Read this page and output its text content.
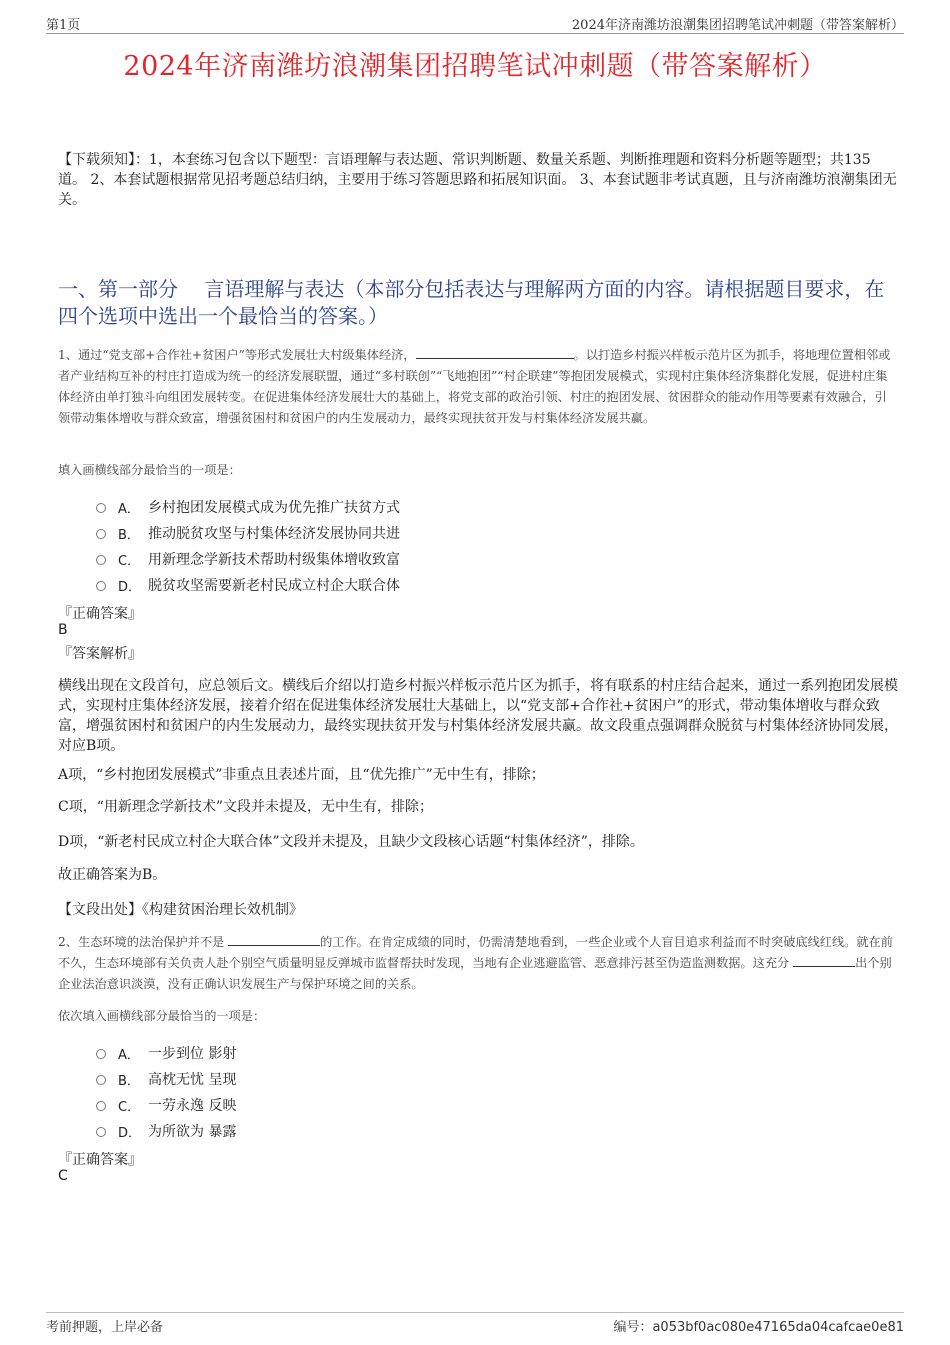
第1页	2024年济南潍坊浪潮集团招聘笔试冲刺题（带答案解析）
2024年济南潍坊浪潮集团招聘笔试冲刺题（带答案解析）
【下载须知】：1，本套练习包含以下题型：言语理解与表达题、常识判断题、数量关系题、判断推理题和资料分析题等题型；共135道。 2、本套试题根据常见招考题总结归纳，主要用于练习答题思路和拓展知识面。 3、本套试题非考试真题，且与济南潍坊浪潮集团无关。
一、第一部分　 言语理解与表达（本部分包括表达与理解两方面的内容。请根据题目要求，在四个选项中选出一个最恰当的答案。）
1、通过“党支部+合作社+贫困户”等形式发展壮大村级集体经济，	。以打造乡村振兴样板示范片区为抓手，将地理位置相邻或者产业结构互补的村庄打造成为统一的经济发展联盟，通过“多村联创”“飞地抱团”“村企联建”等抱团发展模式，实现村庄集体经济集群化发展，促进村庄集体经济由单打独斗向组团发展转变。在促进集体经济发展壮大的基础上，将党支部的政治引领、村庄的抱团发展、贫困群众的能动作用等要素有效融合，引领带动集体增收与群众致富，增强贫困村和贫困户的内生发展动力，最终实现扶贫开发与村集体经济发展共赢。
填入画横线部分最恰当的一项是：
A． 乡村抱团发展模式成为优先推广扶贫方式
B． 推动脱贫攻坚与村集体经济发展协同共进
C． 用新理念学新技术帮助村级集体增收致富
D． 脱贫攻坚需要新老村民成立村企大联合体
『正确答案』
B
『答案解析』
横线出现在文段首句，应总领后文。横线后介绍以打造乡村振兴样板示范片区为抓手，将有联系的村庄结合起来，通过一系列抱团发展模式，实现村庄集体经济发展，接着介绍在促进集体经济发展壮大基础上，以“党支部+合作社+贫困户”的形式，带动集体增收与群众致富，增强贫困村和贫困户的内生发展动力，最终实现扶贫开发与村集体经济发展共赢。故文段重点强调群众脱贫与村集体经济协同发展，对应B项。
A项，“乡村抱团发展模式”非重点且表述片面，且“优先推广”无中生有，排除；
C项，“用新理念学新技术”文段并未提及，无中生有，排除；
D项，“新老村民成立村企大联合体”文段并未提及，且缺少文段核心话题“村集体经济”，排除。
故正确答案为B。
【文段出处】《构建贫困治理长效机制》
2、生态环境的法治保护并不是	的工作。在肯定成绩的同时，仍需清楚地看到，一些企业或个人盲目追求利益而不时突破底线红线。就在前不久，生态环境部有关负责人赴个别空气质量明显反弹城市监督帮扶时发现，当地有企业逃避监管、恶意排污甚至伪造监测数据。这充分	出个别企业法治意识淡漠，没有正确认识发展生产与保护环境之间的关系。
依次填入画横线部分最恰当的一项是：
A． 一步到位 影射
B． 高枕无忧 呈现
C． 一劳永逸 反映
D． 为所欲为 暴露
『正确答案』
C
考前押题，上岸必备	编号：a053bf0ac080e47165da04cafcae0e81
